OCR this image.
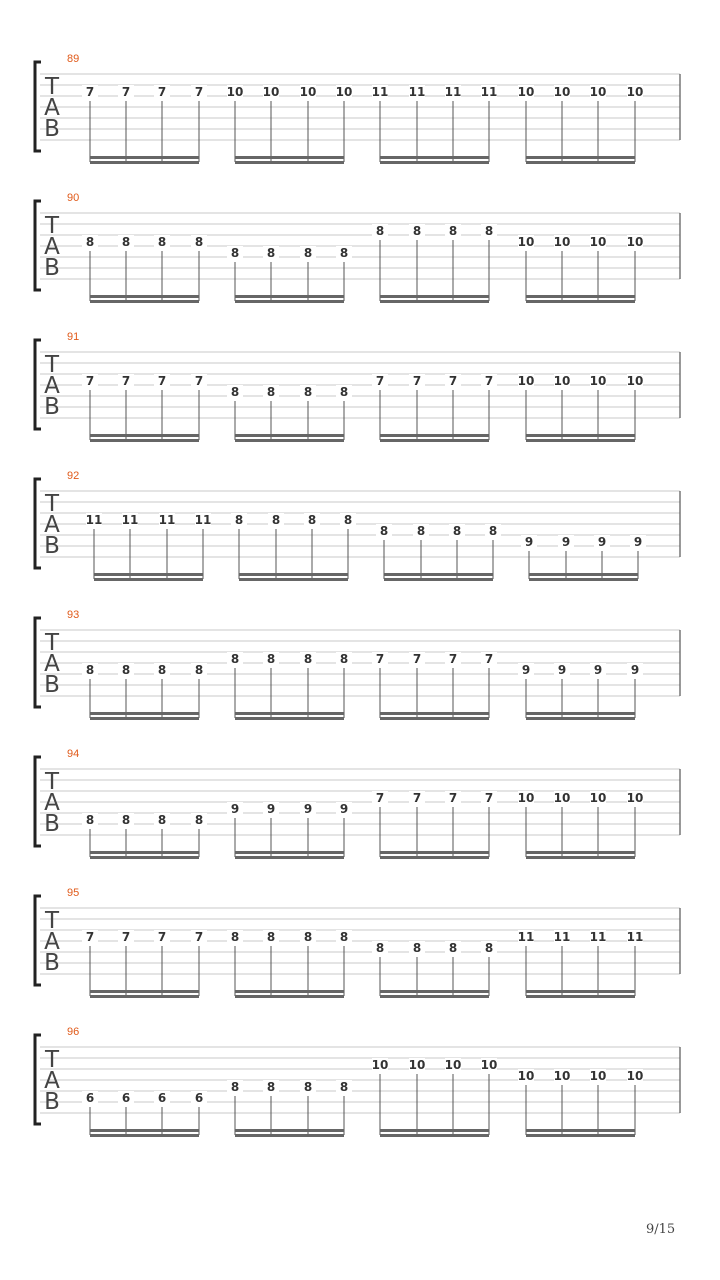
89
T
A
B
7 7 7 7 10 10 10 10 11 11 11 11 10 10 10 10
90
T
A
B
8 8 8 8
8 8 8 8
8 8 8 8
10 10 10 10
91
T
A
B
7 7 7 7
8 8 8 8
7 7 7 7 10 10 10 10
92
T
A
B
11 11 11 11 8 8 8 8
8 8 8 8
9 9 9 9
93
T
A
B
8 8 8 8
8 8 8 8 7 7 7 7
9 9 9 9
94
T
A
B 8 8 8 8
9 9 9 9
7 7 7 7 10 10 10 10
95
T
A
B
7 7 7 7 8 8 8 8
8 8 8 8
11 11 11 11
96
T
A
B 6 6 6 6
8 8 8 8
10 10 10 10
10 10 10 10
9/15
